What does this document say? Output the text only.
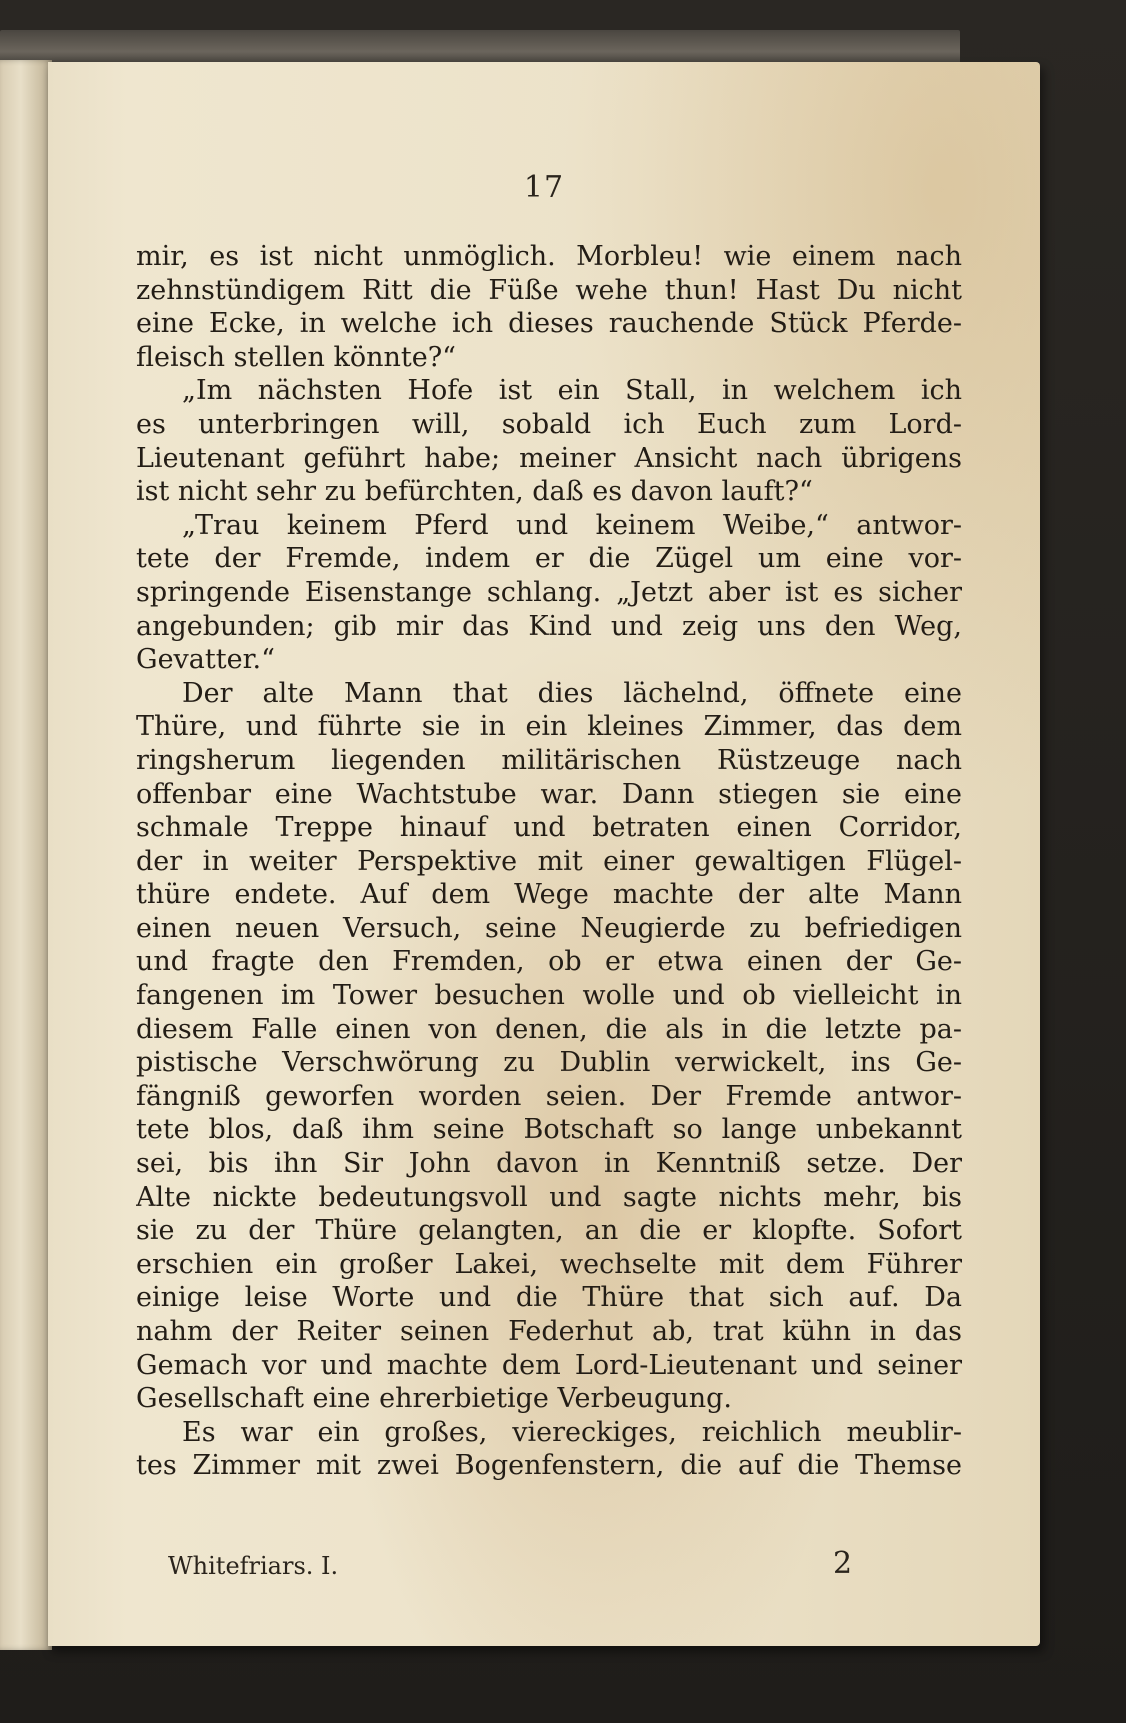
17
mir, es ist nicht unmöglich. Morbleu! wie einem nach
zehnstündigem Ritt die Füße wehe thun! Hast Du nicht
eine Ecke, in welche ich dieses rauchende Stück Pferde-
fleisch stellen könnte?“
„Im nächsten Hofe ist ein Stall, in welchem ich
es unterbringen will, sobald ich Euch zum Lord-
Lieutenant geführt habe; meiner Ansicht nach übrigens
ist nicht sehr zu befürchten, daß es davon lauft?“
„Trau keinem Pferd und keinem Weibe,“ antwor-
tete der Fremde, indem er die Zügel um eine vor-
springende Eisenstange schlang. „Jetzt aber ist es sicher
angebunden; gib mir das Kind und zeig uns den Weg,
Gevatter.“
Der alte Mann that dies lächelnd, öffnete eine
Thüre, und führte sie in ein kleines Zimmer, das dem
ringsherum liegenden militärischen Rüstzeuge nach
offenbar eine Wachtstube war. Dann stiegen sie eine
schmale Treppe hinauf und betraten einen Corridor,
der in weiter Perspektive mit einer gewaltigen Flügel-
thüre endete. Auf dem Wege machte der alte Mann
einen neuen Versuch, seine Neugierde zu befriedigen
und fragte den Fremden, ob er etwa einen der Ge-
fangenen im Tower besuchen wolle und ob vielleicht in
diesem Falle einen von denen, die als in die letzte pa-
pistische Verschwörung zu Dublin verwickelt, ins Ge-
fängniß geworfen worden seien. Der Fremde antwor-
tete blos, daß ihm seine Botschaft so lange unbekannt
sei, bis ihn Sir John davon in Kenntniß setze. Der
Alte nickte bedeutungsvoll und sagte nichts mehr, bis
sie zu der Thüre gelangten, an die er klopfte. Sofort
erschien ein großer Lakei, wechselte mit dem Führer
einige leise Worte und die Thüre that sich auf. Da
nahm der Reiter seinen Federhut ab, trat kühn in das
Gemach vor und machte dem Lord-Lieutenant und seiner
Gesellschaft eine ehrerbietige Verbeugung.
Es war ein großes, viereckiges, reichlich meublir-
tes Zimmer mit zwei Bogenfenstern, die auf die Themse
Whitefriars. I.	2
